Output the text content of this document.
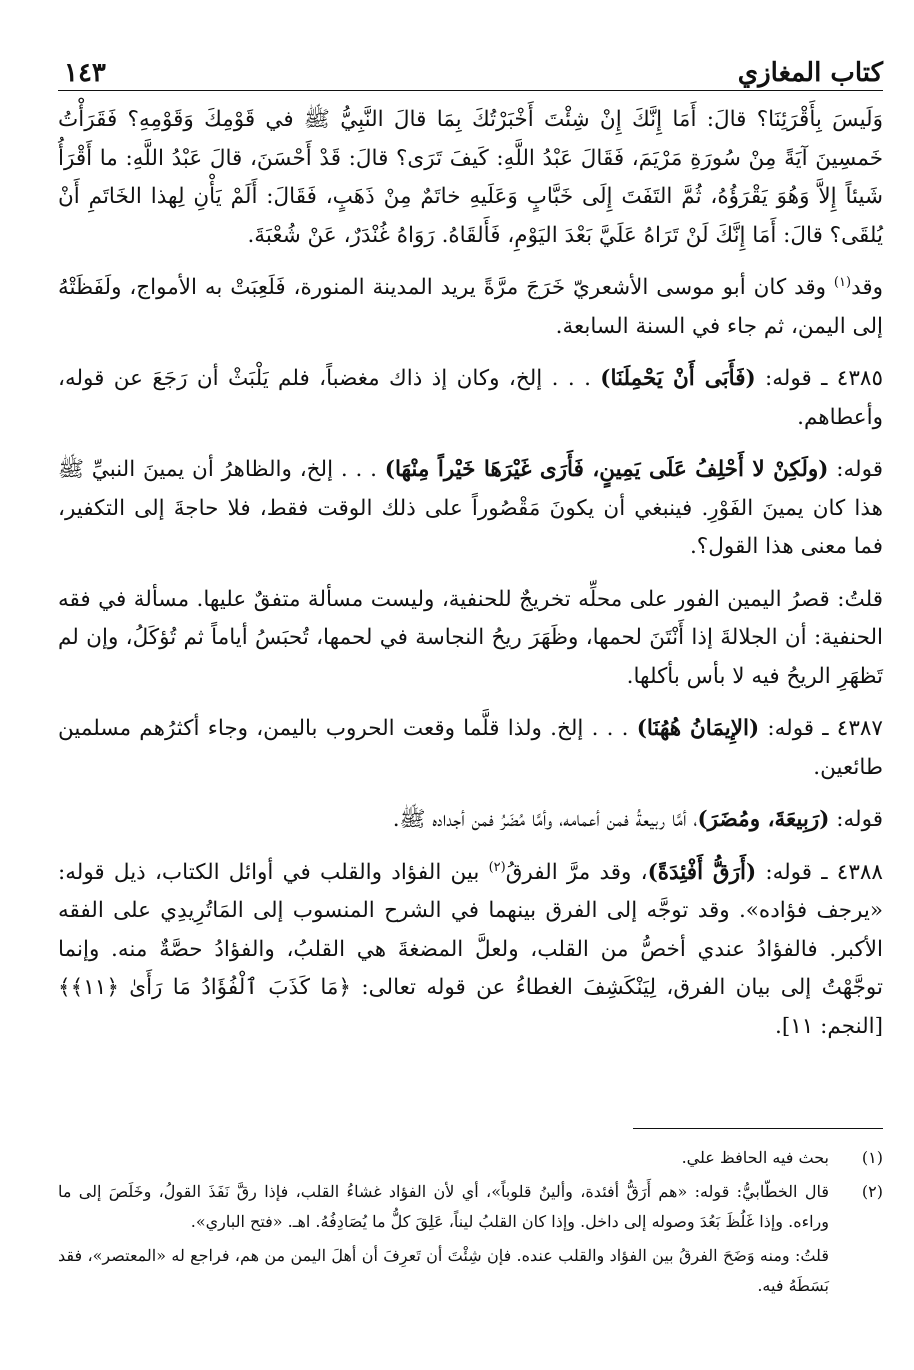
كتاب المغازي
١٤٣

وَلَيسَ بِأَقْرَئِنَا؟ قالَ: أَمَا إِنَّكَ إِنْ شِئْتَ أَخْبَرْتُكَ بِمَا قالَ النَّبِيُّ ﷺ في قَوْمِكَ وَقَوْمِهِ؟ فَقَرَأْتُ خَمسِينَ آيَةً مِنْ سُورَةِ مَرْيَمَ، فَقَالَ عَبْدُ اللَّهِ: كَيفَ تَرَى؟ قالَ: قَدْ أَحْسَنَ، قالَ عَبْدُ اللَّهِ: ما أَقْرَأُ شَيئاً إِلاَّ وَهُوَ يَقْرَؤُهُ، ثُمَّ التَفَتَ إِلَى خَبَّابٍ وَعَلَيهِ خاتَمٌ مِنْ ذَهَبٍ، فَقَالَ: أَلَمْ يَأْنِ لِهذا الخَاتَمِ أَنْ يُلقَى؟ قالَ: أَمَا إِنَّكَ لَنْ تَرَاهُ عَلَيَّ بَعْدَ اليَوْمِ، فَأَلقَاهُ. رَوَاهُ غُنْدَرٌ، عَنْ شُعْبَةَ.

وقد$^{(١)}$ وقد كان أبو موسى الأشعريّ خَرَجَ مرَّةً يريد المدينة المنورة، فَلَعِبَتْ به الأمواج، ولَفَظَتْهُ إلى اليمن، ثم جاء في السنة السابعة.

٤٣٨٥ ـ قوله: (فَأَبَى أَنْ يَحْمِلَنَا) . . . إلخ، وكان إذ ذاك مغضباً، فلم يَلْبَثْ أن رَجَعَ عن قوله، وأعطاهم.

قوله: (ولَكِنْ لا أَحْلِفُ عَلَى يَمِينٍ، فَأَرَى غَيْرَهَا خَيْراً مِنْهَا) . . . إلخ، والظاهرُ أن يمينَ النبيِّ ﷺ هذا كان يمينَ الفَوْرِ. فينبغي أن يكونَ مَقْصُوراً على ذلك الوقت فقط، فلا حاجةَ إلى التكفير، فما معنى هذا القول؟.

قلتُ: قصرُ اليمين الفور على محلِّه تخريجٌ للحنفية، وليست مسألة متفقٌ عليها. مسألة في فقه الحنفية: أن الجلالةَ إذا أَنْتَنَ لحمها، وظَهَرَ ريحُ النجاسة في لحمها، تُحبَسُ أياماً ثم تُؤكَلُ، وإن لم تَظهَرِ الريحُ فيه لا بأس بأكلها.

٤٣٨٧ ـ قوله: (الإِيمَانُ هُهُنَا) . . . إلخ. ولذا قلَّما وقعت الحروب باليمن، وجاء أكثرُهم مسلمين طائعين.

قوله: (رَبِيعَةَ، ومُضَرَ)، أمَّا ربيعةُ فمن أعمامه، وأمَّا مُضَرُ فمن أجداده ﷺ.

٤٣٨٨ ـ قوله: (أَرَقُّ أَفْئِدَةً)، وقد مرَّ الفرقُ$^{(٢)}$ بين الفؤاد والقلب في أوائل الكتاب، ذيل قوله: «يرجف فؤاده». وقد توجَّه إلى الفرق بينهما في الشرح المنسوب إلى المَاتُرِيدِي على الفقه الأكبر. فالفؤادُ عندي أخصُّ من القلب، ولعلَّ المضغةَ هي القلبُ، والفؤادُ حصَّةٌ منه. وإنما توجَّهْتُ إلى بيان الفرق، لِيَنْكَشِفَ الغطاءُ عن قوله تعالى: ﴿مَا كَذَبَ ٱلْفُؤَادُ مَا رَأَىٰ ﴿١١﴾﴾ [النجم: ١١].

(١)
بحث فيه الحافظ علي.
(٢)
قال الخطّابيُّ: قوله: «هم أَرَقُّ أفئدة، وألينُ قلوباً»، أي لأن الفؤاد غشاءُ القلب، فإذا رقَّ نَفَذَ القولُ، وخَلَصَ إلى ما وراءه. وإذا غَلُظَ بَعُدَ وصوله إلى داخل. وإذا كان القلبُ ليناً، عَلِقَ كلُّ ما يُصَادِفُهُ. اهـ. «فتح الباري».

قلتُ: ومنه وَضَحَ الفرقُ بين الفؤاد والقلب عنده. فإن شِئْتَ أن تَعرِفَ أن أهلَ اليمن من هم، فراجع له «المعتصر»، فقد بَسَطَهُ فيه.
